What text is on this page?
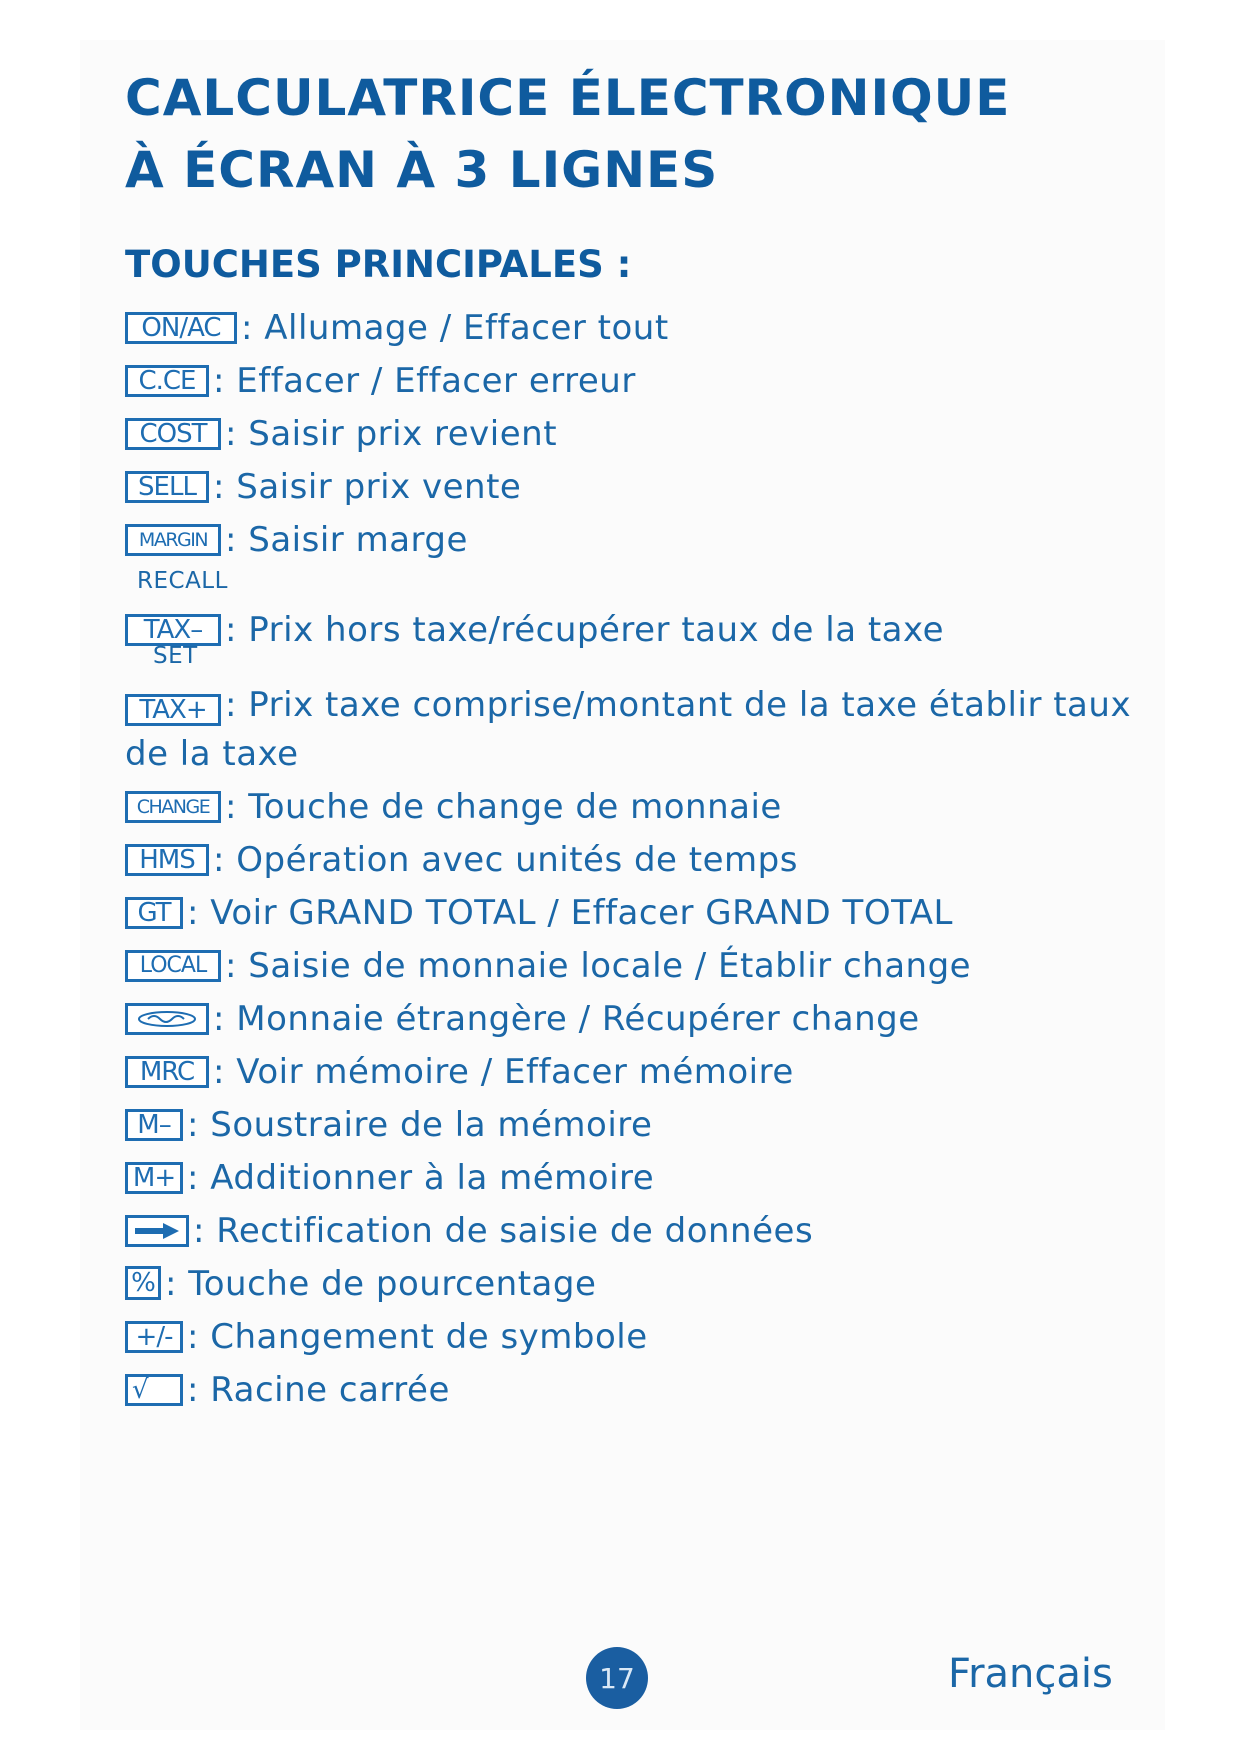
CALCULATRICE ÉLECTRONIQUE
À ÉCRAN À 3 LIGNES
TOUCHES PRINCIPALES :
ON/AC : Allumage / Effacer tout
C.CE : Effacer / Effacer erreur
COST : Saisir prix revient
SELL : Saisir prix vente
MARGIN : Saisir marge
RECALL
TAX– : Prix hors taxe/récupérer taux de la taxe
SET
TAX+ : Prix taxe comprise/montant de la taxe établir taux de la taxe
CHANGE : Touche de change de monnaie
HMS : Opération avec unités de temps
GT : Voir GRAND TOTAL / Effacer GRAND TOTAL
LOCAL : Saisie de monnaie locale / Établir change
: Monnaie étrangère / Récupérer change
MRC : Voir mémoire / Effacer mémoire
M– : Soustraire de la mémoire
M+ : Additionner à la mémoire
: Rectification de saisie de données
% : Touche de pourcentage
+/- : Changement de symbole
√	: Racine carrée
17	Français
